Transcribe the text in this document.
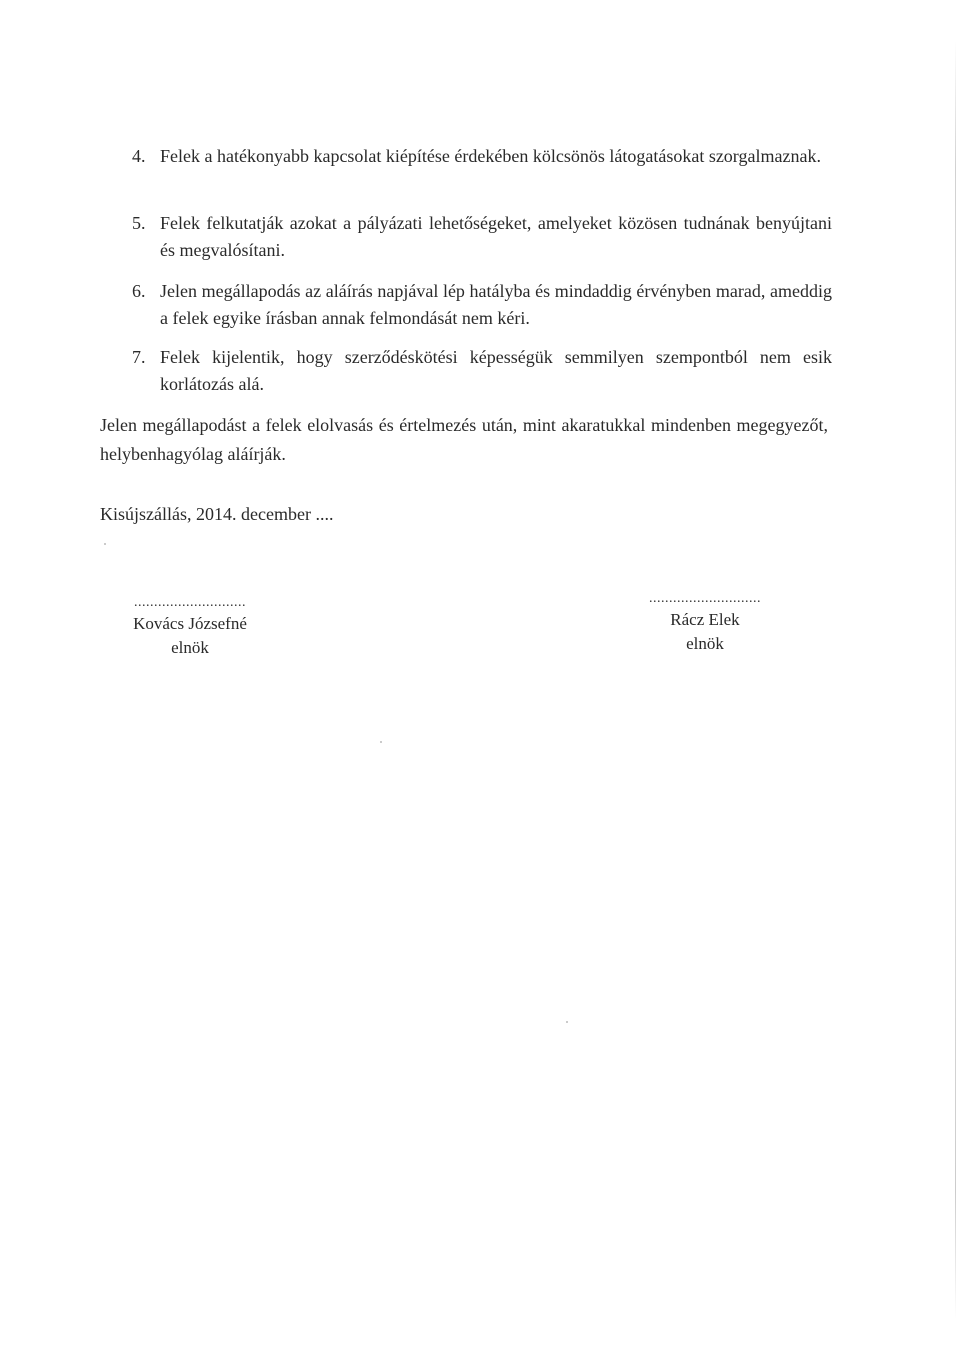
4. Felek a hatékonyabb kapcsolat kiépítése érdekében kölcsönös látogatásokat szorgalmaznak.
5. Felek felkutatják azokat a pályázati lehetőségeket, amelyeket közösen tudnának benyújtani és megvalósítani.
6. Jelen megállapodás az aláírás napjával lép hatályba és mindaddig érvényben marad, ameddig a felek egyike írásban annak felmondását nem kéri.
7. Felek kijelentik, hogy szerződéskötési képességük semmilyen szempontból nem esik korlátozás alá.
Jelen megállapodást a felek elolvasás és értelmezés után, mint akaratukkal mindenben megegyezőt, helybenhagyólag aláírják.
Kisújszállás, 2014. december ....
............................
Kovács Józsefné
elnök
............................
Rácz Elek
elnök
